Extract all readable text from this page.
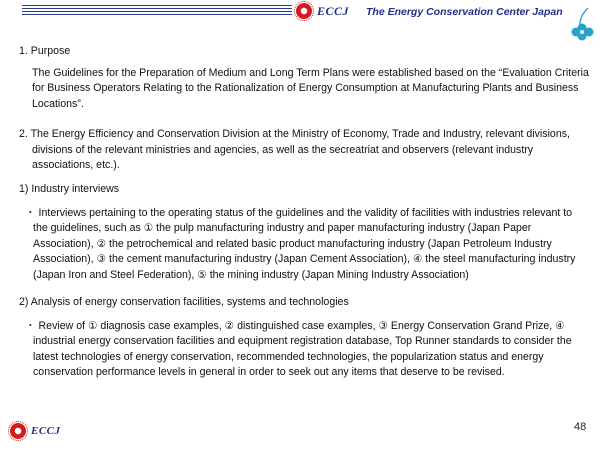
ECCJ The Energy Conservation Center Japan

1. Purpose

The Guidelines for the Preparation of Medium and Long Term Plans were established based on the “Evaluation Criteria for Business Operators Relating to the Rationalization of Energy Consumption at Manufacturing Plants and Business Locations”.

2. The Energy Efficiency and Conservation Division at the Ministry of Economy, Trade and Industry, relevant divisions, divisions of the relevant ministries and agencies, as well as the secreatriat and observers (relevant industry associations, etc.).

1) Industry interviews

・ Interviews pertaining to the operating status of the guidelines and the validity of facilities with industries relevant to the guidelines, such as ① the pulp manufacturing industry and paper manufacturing industry (Japan Paper Association), ② the petrochemical and related basic product manufacturing industry (Japan Petroleum Industry Association), ③ the cement manufacturing industry (Japan Cement Association), ④ the steel manufacturing industry (Japan Iron and Steel Federation), ⑤ the mining industry (Japan Mining Industry Association)

2) Analysis of energy conservation facilities, systems and technologies

・ Review of ① diagnosis case examples, ② distinguished case examples, ③ Energy Conservation Grand Prize, ④ industrial energy conservation facilities and equipment registration database, Top Runner standards to consider the latest technologies of energy conservation, recommended technologies, the popularization status and energy conservation performance levels in general in order to seek out any items that deserve to be revised.

ECCJ	48
